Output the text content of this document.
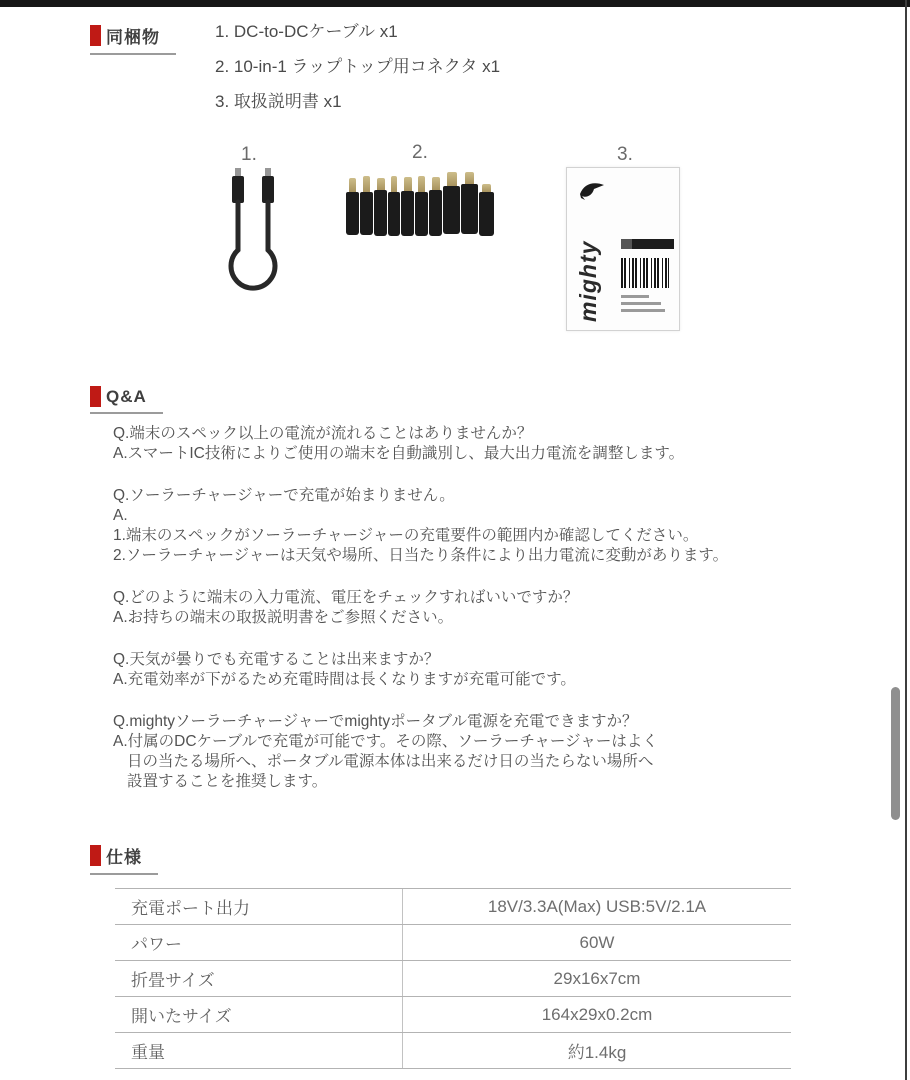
同梱物	1. DC-to-DCケーブル x1
2. 10-in-1 ラップトップ用コネクタ x1
3. 取扱説明書 x1
1.	2.	3.
mighty
Q&A
Q.端末のスペック以上の電流が流れることはありませんか？
A.スマートIC技術によりご使用の端末を自動識別し、最大出力電流を調整します。
Q.ソーラーチャージャーで充電が始まりません。
A.
1.端末のスペックがソーラーチャージャーの充電要件の範囲内か確認してください。
2.ソーラーチャージャーは天気や場所、日当たり条件により出力電流に変動があります。
Q.どのように端末の入力電流、電圧をチェックすればいいですか？
A.お持ちの端末の取扱説明書をご参照ください。
Q.天気が曇りでも充電することは出来ますか？
A.充電効率が下がるため充電時間は長くなりますが充電可能です。
Q.mightyソーラーチャージャーでmightyポータブル電源を充電できますか？
A.付属のDCケーブルで充電が可能です。その際、ソーラーチャージャーはよく
日の当たる場所へ、ポータブル電源本体は出来るだけ日の当たらない場所へ
設置することを推奨します。
仕様
充電ポート出力	18V/3.3A(Max) USB:5V/2.1A
パワー	60W
折畳サイズ	29x16x7cm
開いたサイズ	164x29x0.2cm
重量	約1.4kg
